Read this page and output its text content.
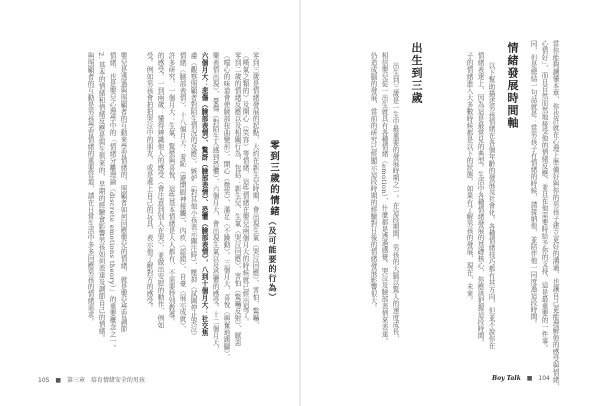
零到三歲是情緒發展的起點，大約在新生兒時期，會出現生氣（哭泣回應）、害怕、驚嚇、
（嘆氣之類的）及開心（笑容）等情緒，這些情緒在嬰兒兩個月大的時候就已經出現了。 零到三歲的情緒（及可能要的行為）
零到二歲的情緒反應以及相關行為，包括：新生兒、生氣（哭泣回應）、害怕（驚嚇反射）、厭惡
（噁心的味道會使臉部扭曲變形）、開心（微笑）、滿足（不躁動）。三個月大，喜悅（興奮地踢腳）、
樂表情出現）、憂傷（對陌生人感到恐懼）、六個月大，會出現生氣以及恐懼的感受。十二個月大，
六個月大：悲傷（臉部表情）、驚訝（臉部表情）、恐懼（臉部表情），八到十個月大：社交焦
慮（觀察照顧者對陌生情況的反應）、嫉妒（對其他小孩表示關注時）、壓抑（試圖停止哭泣）
情緒（臉部表情）、十八個月大：羞恥（避開眼神接觸）、內疚（認錯）、自豪（展示成就）、
許多研究、一個月大：生氣、驚慌與喜悅，這些基本情緒是人人都有，不需要特別教導。
的感受、一到兩歲：懂得辨識他人的感受（會注意到別人在哭），並做出安慰的動作，例如
受。例如男孩會拍拍哭泣中的朋友，或是遞上自己的玩具，表示他了解對方的感受。
嬰兒是透過與照顧者的互動來學習情緒的，照顧者如何回應嬰兒的情緒，就是嬰兒學習調節
情緒，也是嬰兒心理學中的「情緒分離理論（discrete emotions theory）」的重要概念之一。
2. 基本的情緒和情緒反應是與生俱來的，早期的經驗會影響男孩如何表達及調節自己的情緒。
與照顧者的互動是男孩學習情緒的重要管道，請在日常生活中多多回應男孩的情緒需求。
105 ■ 第三章 培育情緒安全的男孩	當你能夠讀懂本章，你也許就在心理上準備好與你的男孩子建立更好的溝通，也讓自己更能理解他的感受與情緒，
心情好」，而且自然而然地接受他的情緒反應，並且在他需要時給予你的支持，這是最重要的一件事。
同，但是總結一句話就是：當男孩子有情緒的時候，請接納他，並陪伴他一同度過這段時間。
情緒發展時間軸
以下幫助描述男孩情緒在各個年齡的發展及社會化。各種情緒技巧都有其方向，但並不說你在
情緒表達上，因為這是最常見的典型。生活中各種情緒發展的基礎核心，你應該把握這段時間。
子的情緒進入大多數時候都是以下的狀態，如果有了解男孩的發展，現在、未來。
出生到三歲
出生到三歲是一生中最重要的發展時期之一。在這段期間，男孩的大腦以驚人的速度成長，
相信嬰兒從一出生就具有各種情緒（emotion），什麼都是透過感覺、哭泣及臉部表情來表達。
仍造成腦的發展，當前的研究已經顯示這段時期的經驗對日後的情緒發展影響很大。
Boy Talk ■ 104
